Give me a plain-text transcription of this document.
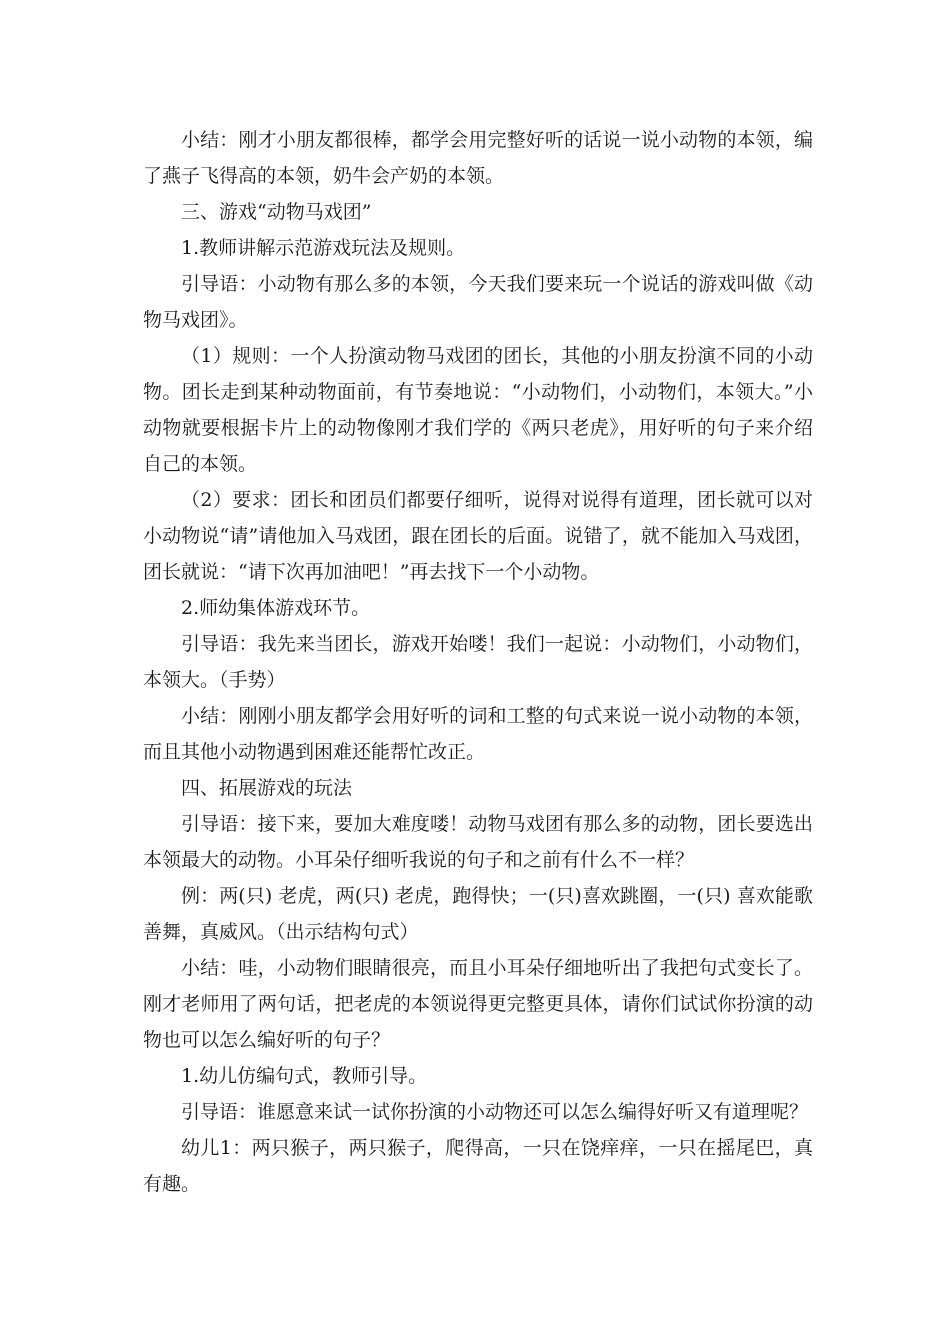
小结：刚才小朋友都很棒，都学会用完整好听的话说一说小动物的本领，编了燕子飞得高的本领，奶牛会产奶的本领。

三、游戏“动物马戏团”

1.教师讲解示范游戏玩法及规则。

引导语：小动物有那么多的本领，今天我们要来玩一个说话的游戏叫做《动物马戏团》。

（1）规则：一个人扮演动物马戏团的团长，其他的小朋友扮演不同的小动物。团长走到某种动物面前，有节奏地说：“小动物们，小动物们，本领大。”小动物就要根据卡片上的动物像刚才我们学的《两只老虎》，用好听的句子来介绍自己的本领。

（2）要求：团长和团员们都要仔细听，说得对说得有道理，团长就可以对小动物说“请”请他加入马戏团，跟在团长的后面。说错了，就不能加入马戏团，团长就说：“请下次再加油吧！”再去找下一个小动物。

2.师幼集体游戏环节。

引导语：我先来当团长，游戏开始喽！我们一起说：小动物们，小动物们，本领大。（手势）

小结：刚刚小朋友都学会用好听的词和工整的句式来说一说小动物的本领，而且其他小动物遇到困难还能帮忙改正。

四、拓展游戏的玩法

引导语：接下来，要加大难度喽！动物马戏团有那么多的动物，团长要选出本领最大的动物。小耳朵仔细听我说的句子和之前有什么不一样？

例：两(只) 老虎，两(只) 老虎，跑得快；一(只)喜欢跳圈，一(只) 喜欢能歌善舞，真威风。（出示结构句式）

小结：哇，小动物们眼睛很亮，而且小耳朵仔细地听出了我把句式变长了。刚才老师用了两句话，把老虎的本领说得更完整更具体，请你们试试你扮演的动物也可以怎么编好听的句子？

1.幼儿仿编句式，教师引导。

引导语：谁愿意来试一试你扮演的小动物还可以怎么编得好听又有道理呢？

幼儿1：两只猴子，两只猴子，爬得高，一只在饶痒痒，一只在摇尾巴，真有趣。
